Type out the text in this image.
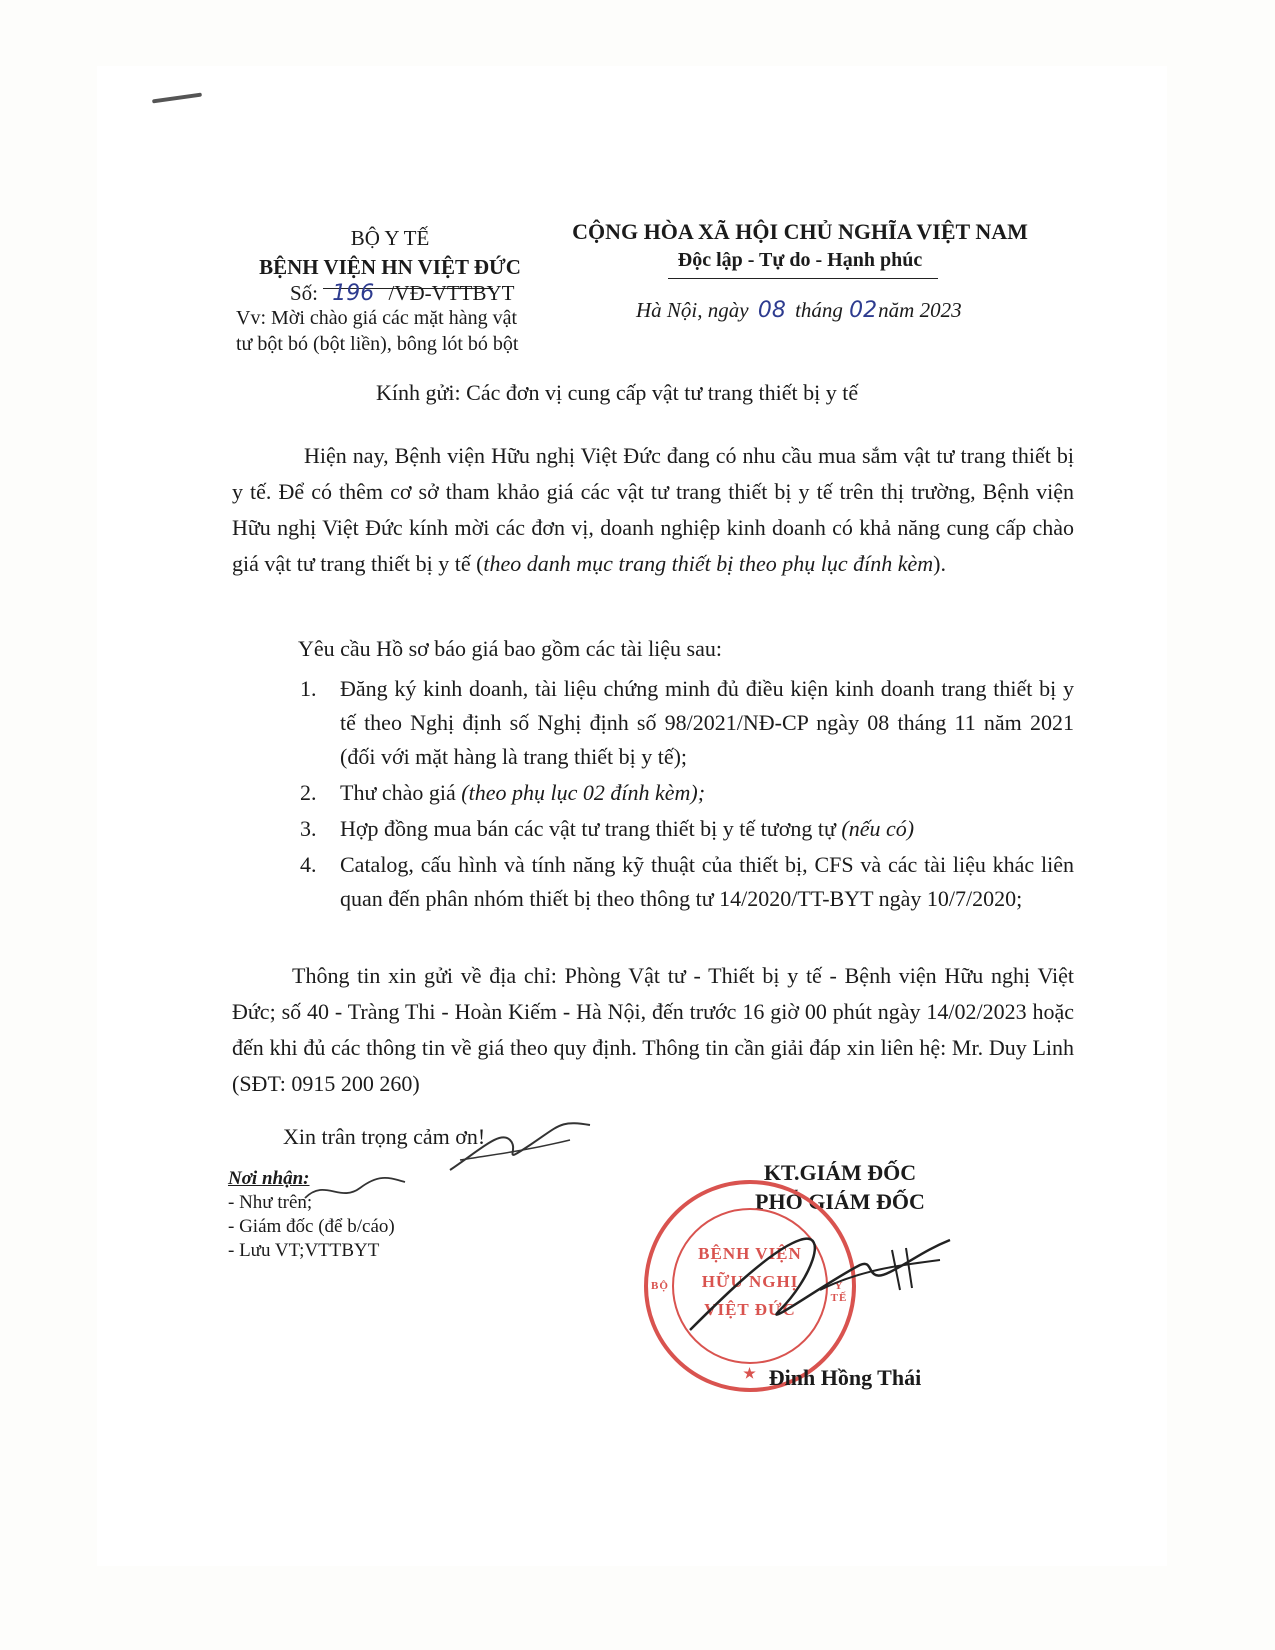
BỘ Y TẾ
BỆNH VIỆN HN VIỆT ĐỨC
Số: 196 /VĐ-VTTBYT
Vv: Mời chào giá các mặt hàng vật
tư bột bó (bột liền), bông lót bó bột
CỘNG HÒA XÃ HỘI CHỦ NGHĨA VIỆT NAM
Độc lập - Tự do - Hạnh phúc
Hà Nội, ngày 08 tháng 02năm 2023
Kính gửi: Các đơn vị cung cấp vật tư trang thiết bị y tế
Hiện nay, Bệnh viện Hữu nghị Việt Đức đang có nhu cầu mua sắm vật tư trang thiết bị y tế. Để có thêm cơ sở tham khảo giá các vật tư trang thiết bị y tế trên thị trường, Bệnh viện Hữu nghị Việt Đức kính mời các đơn vị, doanh nghiệp kinh doanh có khả năng cung cấp chào giá vật tư trang thiết bị y tế (theo danh mục trang thiết bị theo phụ lục đính kèm).
Yêu cầu Hồ sơ báo giá bao gồm các tài liệu sau:
1. Đăng ký kinh doanh, tài liệu chứng minh đủ điều kiện kinh doanh trang thiết bị y tế theo Nghị định số Nghị định số 98/2021/NĐ-CP ngày 08 tháng 11 năm 2021 (đối với mặt hàng là trang thiết bị y tế);
2. Thư chào giá (theo phụ lục 02 đính kèm);
3. Hợp đồng mua bán các vật tư trang thiết bị y tế tương tự (nếu có)
4. Catalog, cấu hình và tính năng kỹ thuật của thiết bị, CFS và các tài liệu khác liên quan đến phân nhóm thiết bị theo thông tư 14/2020/TT-BYT ngày 10/7/2020;
Thông tin xin gửi về địa chỉ: Phòng Vật tư - Thiết bị y tế - Bệnh viện Hữu nghị Việt Đức; số 40 - Tràng Thi - Hoàn Kiếm - Hà Nội, đến trước 16 giờ 00 phút ngày 14/02/2023 hoặc đến khi đủ các thông tin về giá theo quy định. Thông tin cần giải đáp xin liên hệ: Mr. Duy Linh (SĐT: 0915 200 260)
Xin trân trọng cảm ơn!
Nơi nhận:
- Như trên;
- Giám đốc (để b/cáo)
- Lưu VT;VTTBYT
KT.GIÁM ĐỐC
PHÓ GIÁM ĐỐC
BỆNH VIỆN
HỮU NGHỊ
VIỆT ĐỨC
BỘ	Y TẾ
★ Đinh Hồng Thái
